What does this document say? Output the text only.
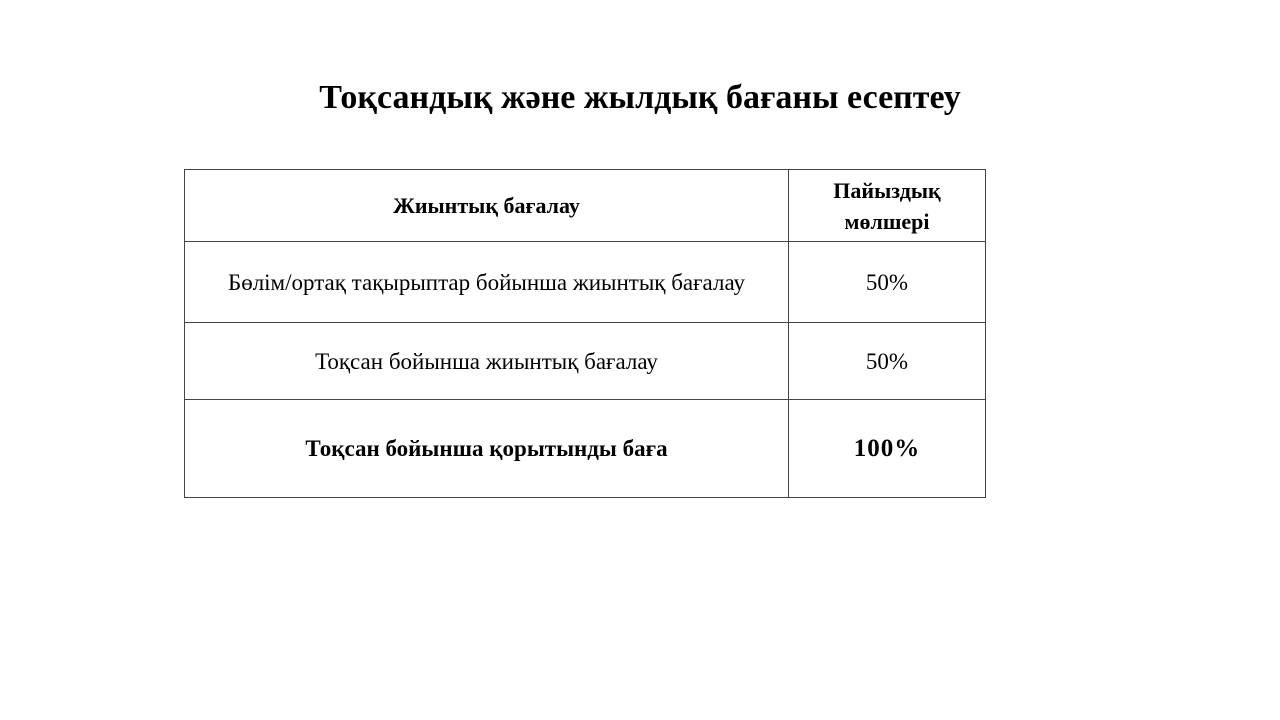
Тоқсандық және жылдық бағаны есептеу
Жиынтық бағалау	Пайыздық мөлшері
Бөлім/ортақ тақырыптар бойынша жиынтық бағалау	50%
Тоқсан бойынша жиынтық бағалау	50%
Тоқсан бойынша қорытынды баға	100%
